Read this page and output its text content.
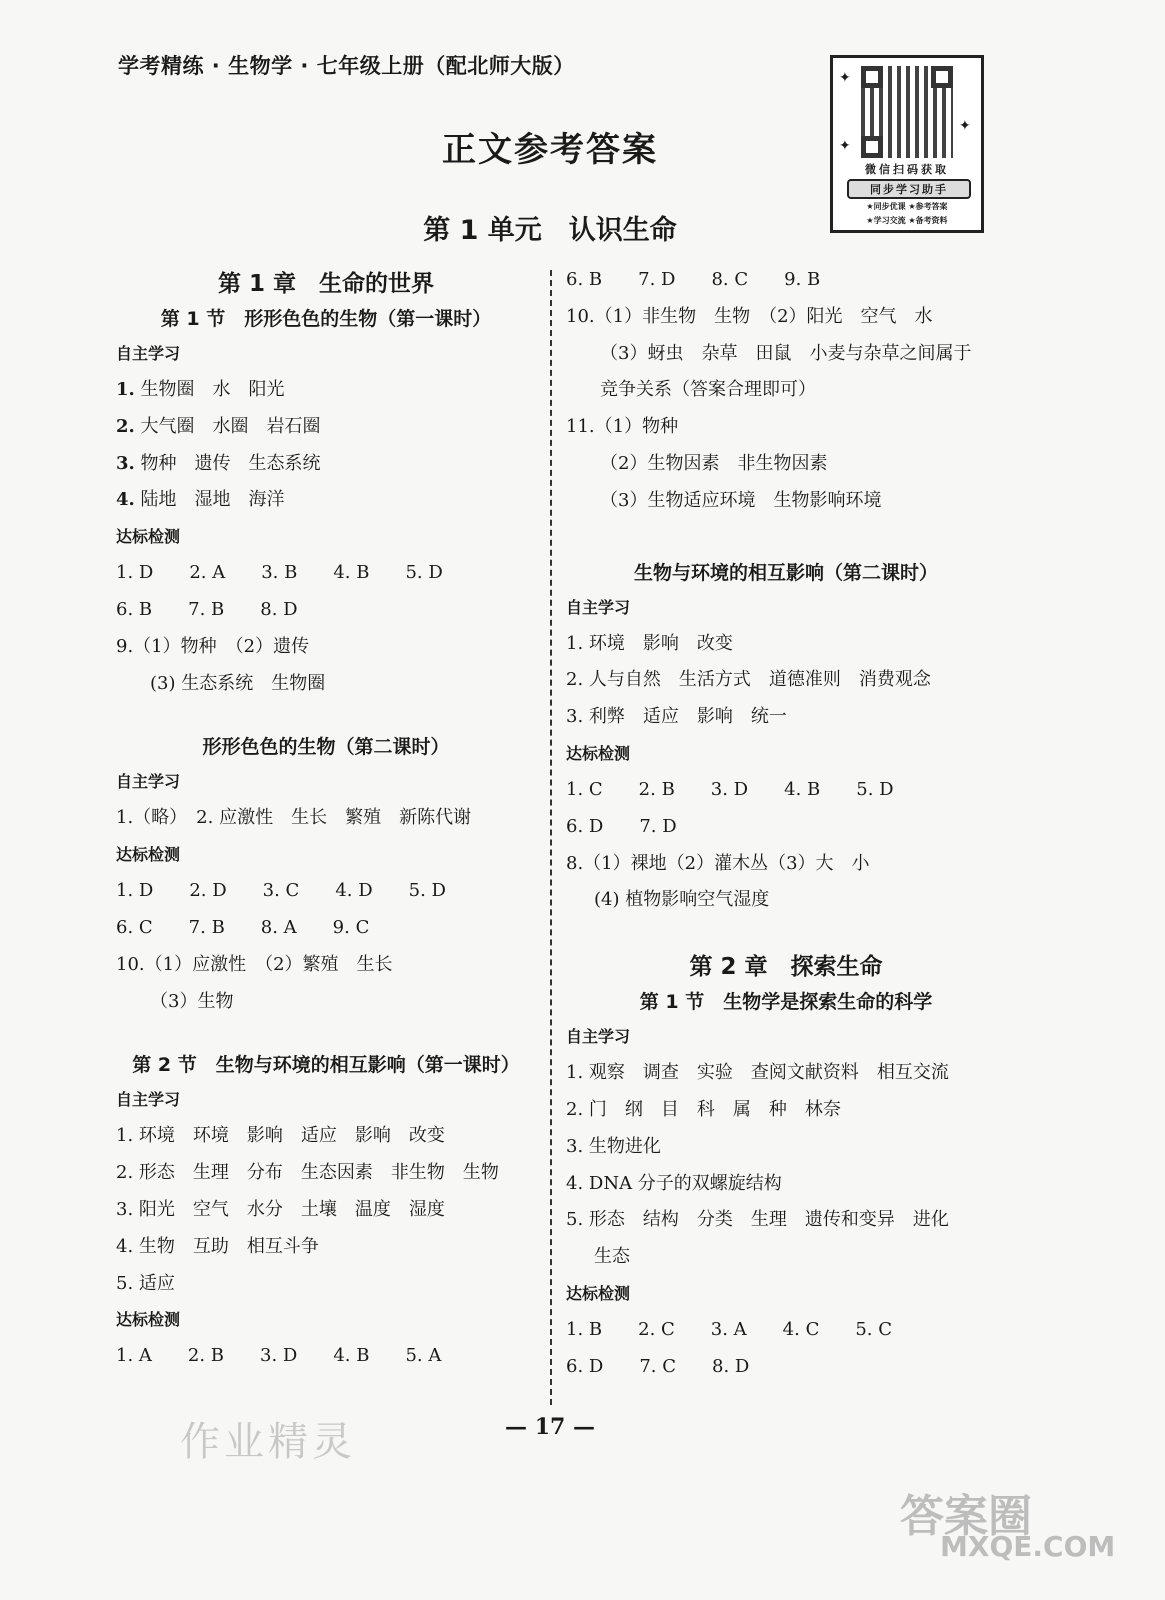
学考精练 · 生物学 · 七年级上册（配北师大版）
正文参考答案
第 1 单元　认识生命
✦
✦
✦
微信扫码获取
同步学习助手
★同步优课 ★参考答案
★学习交流 ★备考资料
第 1 章　生命的世界
第 1 节　形形色色的生物（第一课时）
自主学习
1. 生物圈　水　阳光
2. 大气圈　水圈　岩石圈
3. 物种　遗传　生态系统
4. 陆地　湿地　海洋
达标检测
1. D　　2. A　　3. B　　4. B　　5. D
6. B　　7. B　　8. D
9.（1）物种　（2）遗传
(3) 生态系统　生物圈
形形色色的生物（第二课时）
自主学习
1.（略）　2. 应激性　生长　繁殖　新陈代谢
达标检测
1. D　　2. D　　3. C　　4. D　　5. D
6. C　　7. B　　8. A　　9. C
10.（1）应激性　（2）繁殖　生长
（3）生物
第 2 节　生物与环境的相互影响（第一课时）
自主学习
1. 环境　环境　影响　适应　影响　改变
2. 形态　生理　分布　生态因素　非生物　生物
3. 阳光　空气　水分　土壤　温度　湿度
4. 生物　互助　相互斗争
5. 适应
达标检测
1. A　　2. B　　3. D　　4. B　　5. A
6. B　　7. D　　8. C　　9. B
10.（1）非生物　生物　（2）阳光　空气　水
（3）蚜虫　杂草　田鼠　小麦与杂草之间属于
竞争关系（答案合理即可）
11.（1）物种
（2）生物因素　非生物因素
（3）生物适应环境　生物影响环境
生物与环境的相互影响（第二课时）
自主学习
1. 环境　影响　改变
2. 人与自然　生活方式　道德准则　消费观念
3. 利弊　适应　影响　统一
达标检测
1. C　　2. B　　3. D　　4. B　　5. D
6. D　　7. D
8.（1）裸地（2）灌木丛（3）大　小
(4) 植物影响空气湿度
第 2 章　探索生命
第 1 节　生物学是探索生命的科学
自主学习
1. 观察　调查　实验　查阅文献资料　相互交流
2. 门　纲　目　科　属　种　林奈
3. 生物进化
4. DNA 分子的双螺旋结构
5. 形态　结构　分类　生理　遗传和变异　进化
生态
达标检测
1. B　　2. C　　3. A　　4. C　　5. C
6. D　　7. C　　8. D
— 17 —
作业精灵
答案圈
MXQE.COM
